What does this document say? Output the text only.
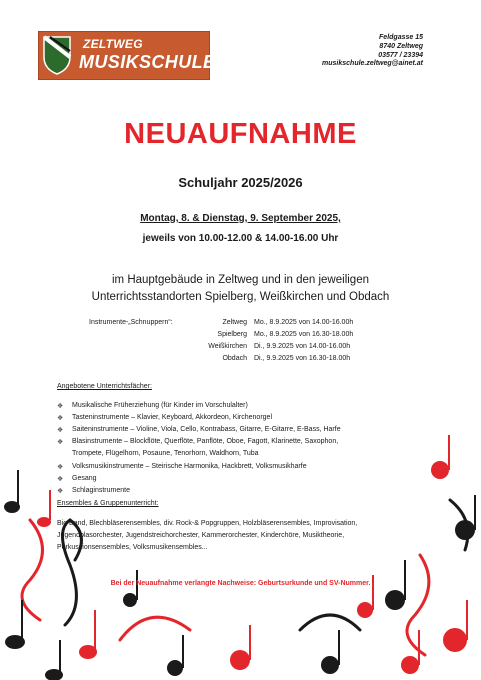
ZELTWEG
MUSIKSCHULE
Feldgasse 15
8740 Zeltweg
03577 / 23394
musikschule.zeltweg@ainet.at
NEUAUFNAHME
Schuljahr 2025/2026
Montag, 8. & Dienstag, 9. September 2025,
jeweils von 10.00-12.00 & 14.00-16.00 Uhr
im Hauptgebäude in Zeltweg und in den jeweiligen
Unterrichtsstandorten Spielberg, Weißkirchen und Obdach
Instrumente-„Schnuppern“:	Zeltweg Mo., 8.9.2025 von 14.00-16.00h
Spielberg Mo., 8.9.2025 von 16.30-18.00h
Weißkirchen Di., 9.9.2025 von 14.00-16.00h
Obdach Di., 9.9.2025 von 16.30-18.00h
Angebotene Unterrichtsfächer:
❖ Musikalische Früherziehung (für Kinder im Vorschulalter)
❖ Tasteninstrumente – Klavier, Keyboard, Akkordeon, Kirchenorgel
❖ Saiteninstrumente – Violine, Viola, Cello, Kontrabass, Gitarre, E-Gitarre, E-Bass, Harfe
❖ Blasinstrumente – Blockflöte, Querflöte, Panflöte, Oboe, Fagott, Klarinette, Saxophon,
Trompete, Flügelhorn, Posaune, Tenorhorn, Waldhorn, Tuba
❖ Volksmusikinstrumente – Steirische Harmonika, Hackbrett, Volksmusikharfe
❖ Gesang
❖ Schlaginstrumente
Ensembles & Gruppenunterricht:
Big Band, Blechbläserensembles, div. Rock-& Popgruppen, Holzbläserensembles, Improvisation,
Jugendblasorchester, Jugendstreichorchester, Kammerorchester, Kinderchöre, Musiktheorie,
Perkussionsensembles, Volksmusikensembles...
Bei der Neuaufnahme verlangte Nachweise: Geburtsurkunde und SV-Nummer.
